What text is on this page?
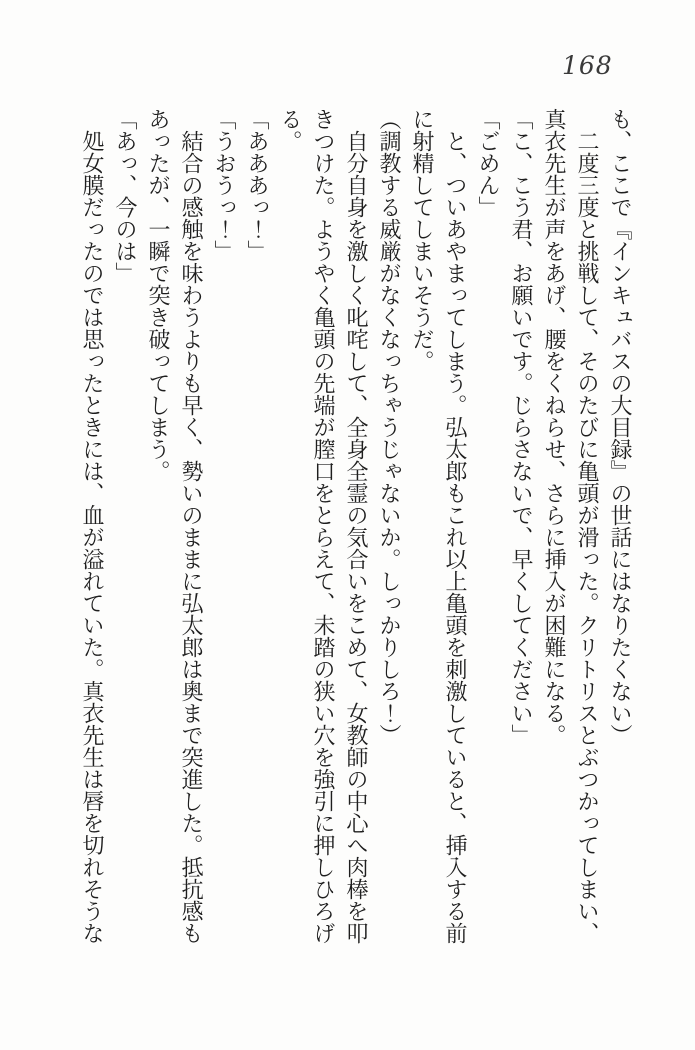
168

も、ここで『インキュバスの大目録』の世話にはなりたくない）

二度三度と挑戦して、そのたびに亀頭が滑った。クリトリスとぶつかってしまい、真衣先生が声をあげ、腰をくねらせ、さらに挿入が困難になる。

「こ、こう君、お願いです。じらさないで、早くしてください」

「ごめん」

と、ついあやまってしまう。弘太郎もこれ以上亀頭を刺激していると、挿入する前に射精してしまいそうだ。

（調教する威厳がなくなっちゃうじゃないか。しっかりしろ！）

自分自身を激しく叱咤して、全身全霊の気合いをこめて、女教師の中心へ肉棒を叩きつけた。ようやく亀頭の先端が膣口をとらえて、未踏の狭い穴を強引に押しひろげる。

「あああっ！」

「うおうっ！」

結合の感触を味わうよりも早く、勢いのままに弘太郎は奥まで突進した。抵抗感もあったが、一瞬で突き破ってしまう。

「あっ、今のは」

処女膜だったのでは思ったときには、血が溢れていた。真衣先生は唇を切れそうな
